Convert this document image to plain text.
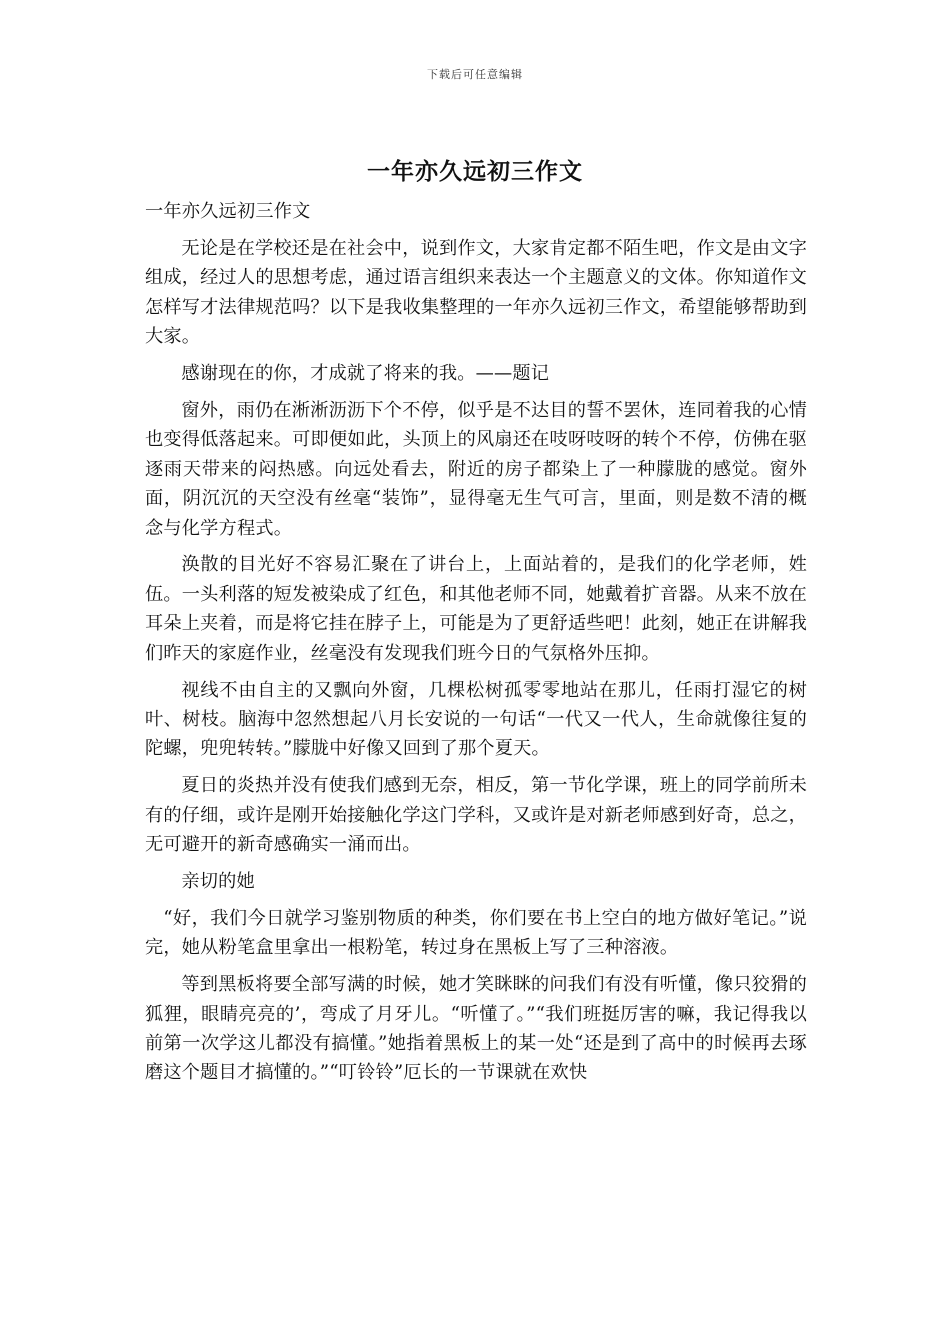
下载后可任意编辑
一年亦久远初三作文

一年亦久远初三作文

无论是在学校还是在社会中，说到作文，大家肯定都不陌生吧，作文是由文字组成，经过人的思想考虑，通过语言组织来表达一个主题意义的文体。你知道作文怎样写才法律规范吗？以下是我收集整理的一年亦久远初三作文，希望能够帮助到大家。

感谢现在的你，才成就了将来的我。——题记

窗外，雨仍在淅淅沥沥下个不停，似乎是不达目的誓不罢休，连同着我的心情也变得低落起来。可即便如此，头顶上的风扇还在吱呀吱呀的转个不停，仿佛在驱逐雨天带来的闷热感。向远处看去，附近的房子都染上了一种朦胧的感觉。窗外面，阴沉沉的天空没有丝毫“装饰”，显得毫无生气可言，里面，则是数不清的概念与化学方程式。

涣散的目光好不容易汇聚在了讲台上，上面站着的，是我们的化学老师，姓伍。一头利落的短发被染成了红色，和其他老师不同，她戴着扩音器。从来不放在耳朵上夹着，而是将它挂在脖子上，可能是为了更舒适些吧！此刻，她正在讲解我们昨天的家庭作业，丝毫没有发现我们班今日的气氛格外压抑。

视线不由自主的又飘向外窗，几棵松树孤零零地站在那儿，任雨打湿它的树叶、树枝。脑海中忽然想起八月长安说的一句话“一代又一代人，生命就像往复的陀螺，兜兜转转。”朦胧中好像又回到了那个夏天。

夏日的炎热并没有使我们感到无奈，相反，第一节化学课，班上的同学前所未有的仔细，或许是刚开始接触化学这门学科，又或许是对新老师感到好奇，总之，无可避开的新奇感确实一涌而出。

亲切的她

“好，我们今日就学习鉴别物质的种类，你们要在书上空白的地方做好笔记。”说完，她从粉笔盒里拿出一根粉笔，转过身在黑板上写了三种溶液。

等到黑板将要全部写满的时候，她才笑眯眯的问我们有没有听懂，像只狡猾的狐狸，眼睛亮亮的’，弯成了月牙儿。“听懂了。”“我们班挺厉害的嘛，我记得我以前第一次学这儿都没有搞懂。”她指着黑板上的某一处“还是到了高中的时候再去琢磨这个题目才搞懂的。”“叮铃铃”厄长的一节课就在欢快
